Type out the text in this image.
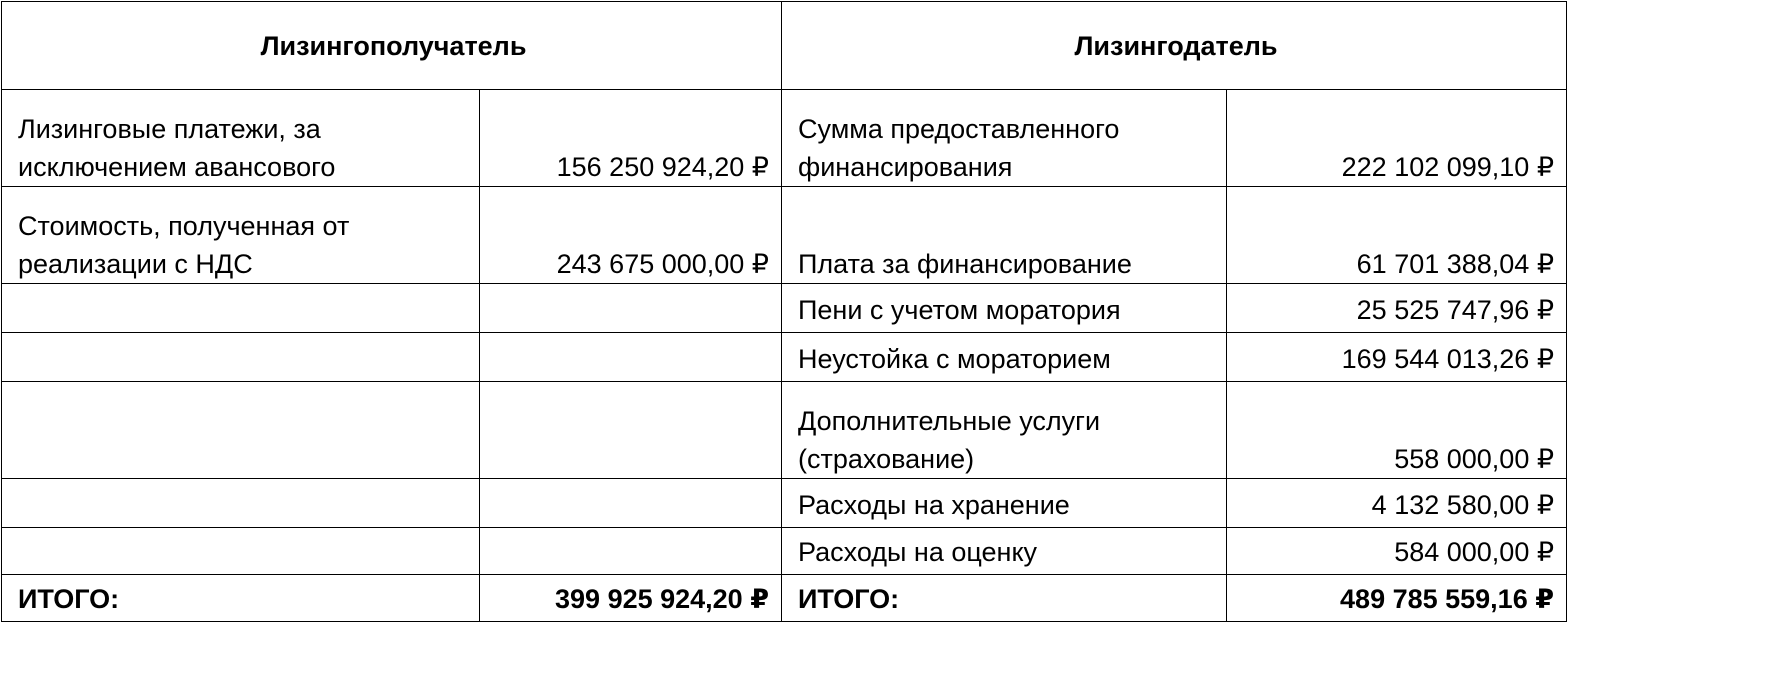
Лизингополучатель		Лизингодатель	
Лизинговые платежи, за исключением авансового	156 250 924,20 ₽	Сумма предоставленного финансирования	222 102 099,10 ₽
Стоимость, полученная от реализации с НДС	243 675 000,00 ₽	Плата за финансирование	61 701 388,04 ₽
		Пени с учетом моратория	25 525 747,96 ₽
		Неустойка с мораторием	169 544 013,26 ₽
		Дополнительные услуги (страхование)	558 000,00 ₽
		Расходы на хранение	4 132 580,00 ₽
		Расходы на оценку	584 000,00 ₽
ИТОГО:	399 925 924,20 ₽	ИТОГО:	489 785 559,16 ₽
